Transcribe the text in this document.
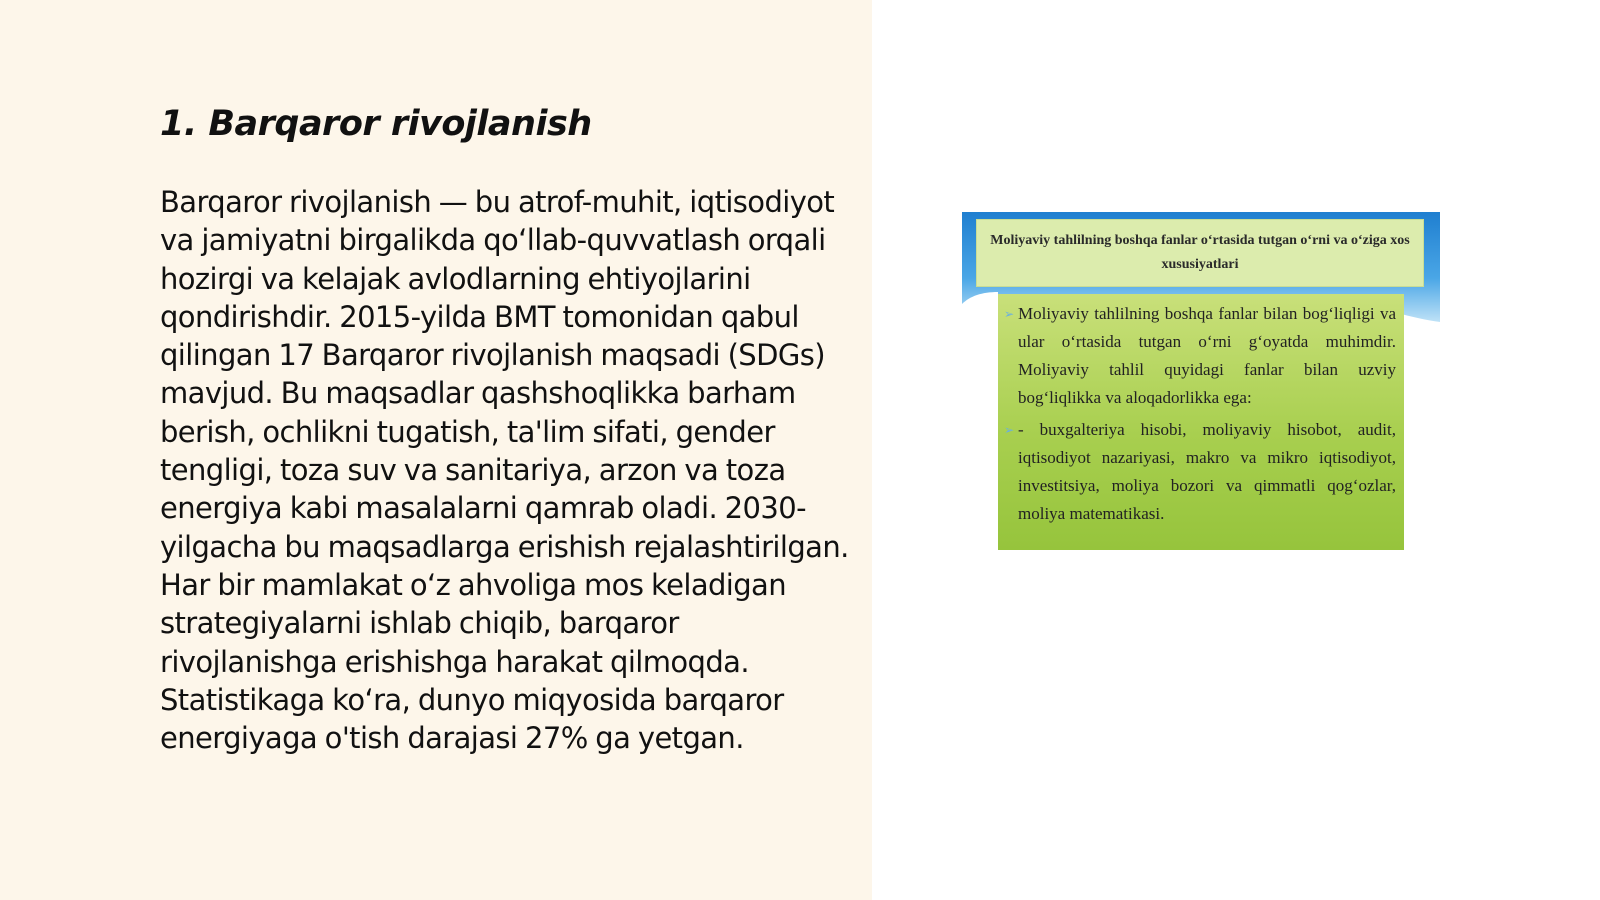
1. Barqaror rivojlanish

Barqaror rivojlanish — bu atrof-muhit, iqtisodiyot va jamiyatni birgalikda qo‘llab-quvvatlash orqali hozirgi va kelajak avlodlarning ehtiyojlarini qondirishdir. 2015-yilda BMT tomonidan qabul qilingan 17 Barqaror rivojlanish maqsadi (SDGs) mavjud. Bu maqsadlar qashshoqlikka barham berish, ochlikni tugatish, ta'lim sifati, gender tengligi, toza suv va sanitariya, arzon va toza energiya kabi masalalarni qamrab oladi. 2030-yilgacha bu maqsadlarga erishish rejalashtirilgan. Har bir mamlakat o‘z ahvoliga mos keladigan strategiyalarni ishlab chiqib, barqaror rivojlanishga erishishga harakat qilmoqda. Statistikaga ko‘ra, dunyo miqyosida barqaror energiyaga o'tish darajasi 27% ga yetgan.

Moliyaviy tahlilning boshqa fanlar o‘rtasida tutgan o‘rni va o‘ziga xos xususiyatlari

➢ Moliyaviy tahlilning boshqa fanlar bilan bog‘liqligi va ular o‘rtasida tutgan o‘rni g‘oyatda muhimdir. Moliyaviy tahlil quyidagi fanlar bilan uzviy bog‘liqlikka va aloqadorlikka ega:

➢ - buxgalteriya hisobi, moliyaviy hisobot, audit, iqtisodiyot nazariyasi, makro va mikro iqtisodiyot, investitsiya, moliya bozori va qimmatli qog‘ozlar, moliya matematikasi.
